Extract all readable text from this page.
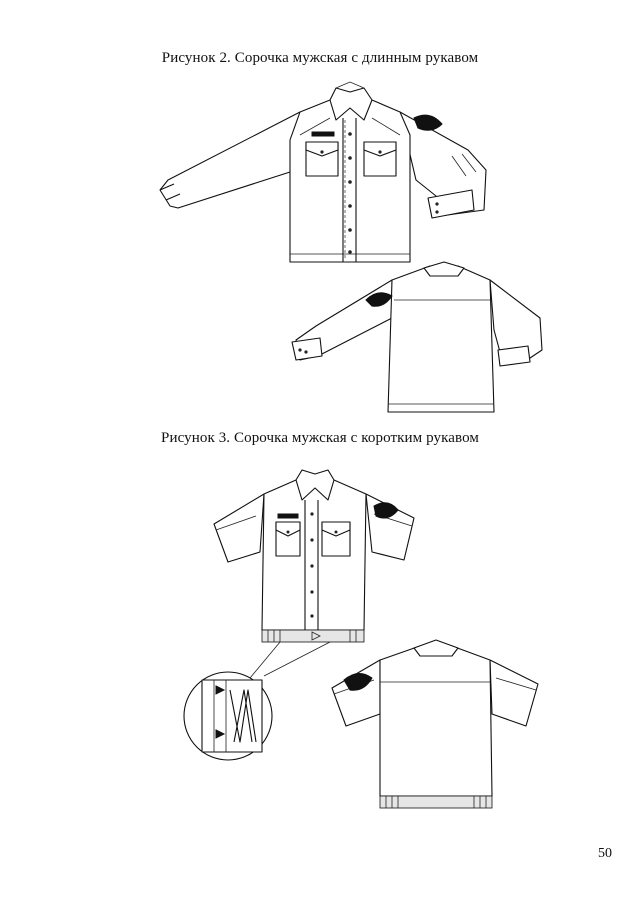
Рисунок 2. Сорочка мужская с длинным рукавом
Рисунок 3. Сорочка мужская с коротким рукавом
50
